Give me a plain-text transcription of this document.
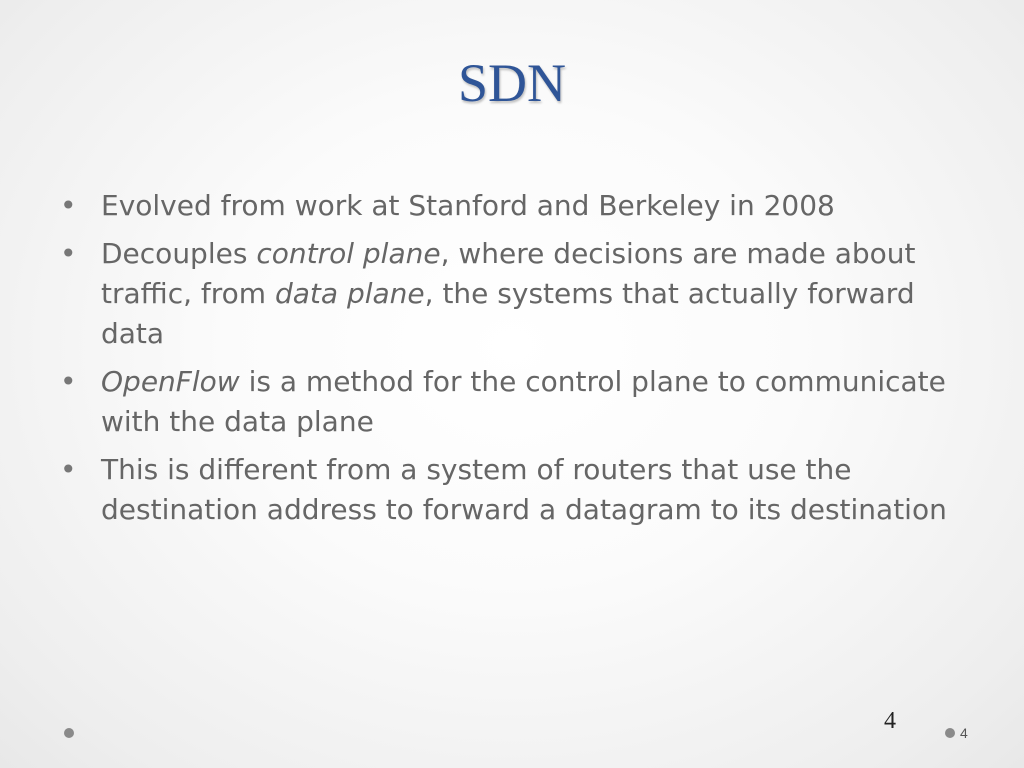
SDN
• Evolved from work at Stanford and Berkeley in 2008
• Decouples control plane, where decisions are made about traffic, from data plane, the systems that actually forward data
• OpenFlow is a method for the control plane to communicate with the data plane
• This is different from a system of routers that use the destination address to forward a datagram to its destination
4	4
